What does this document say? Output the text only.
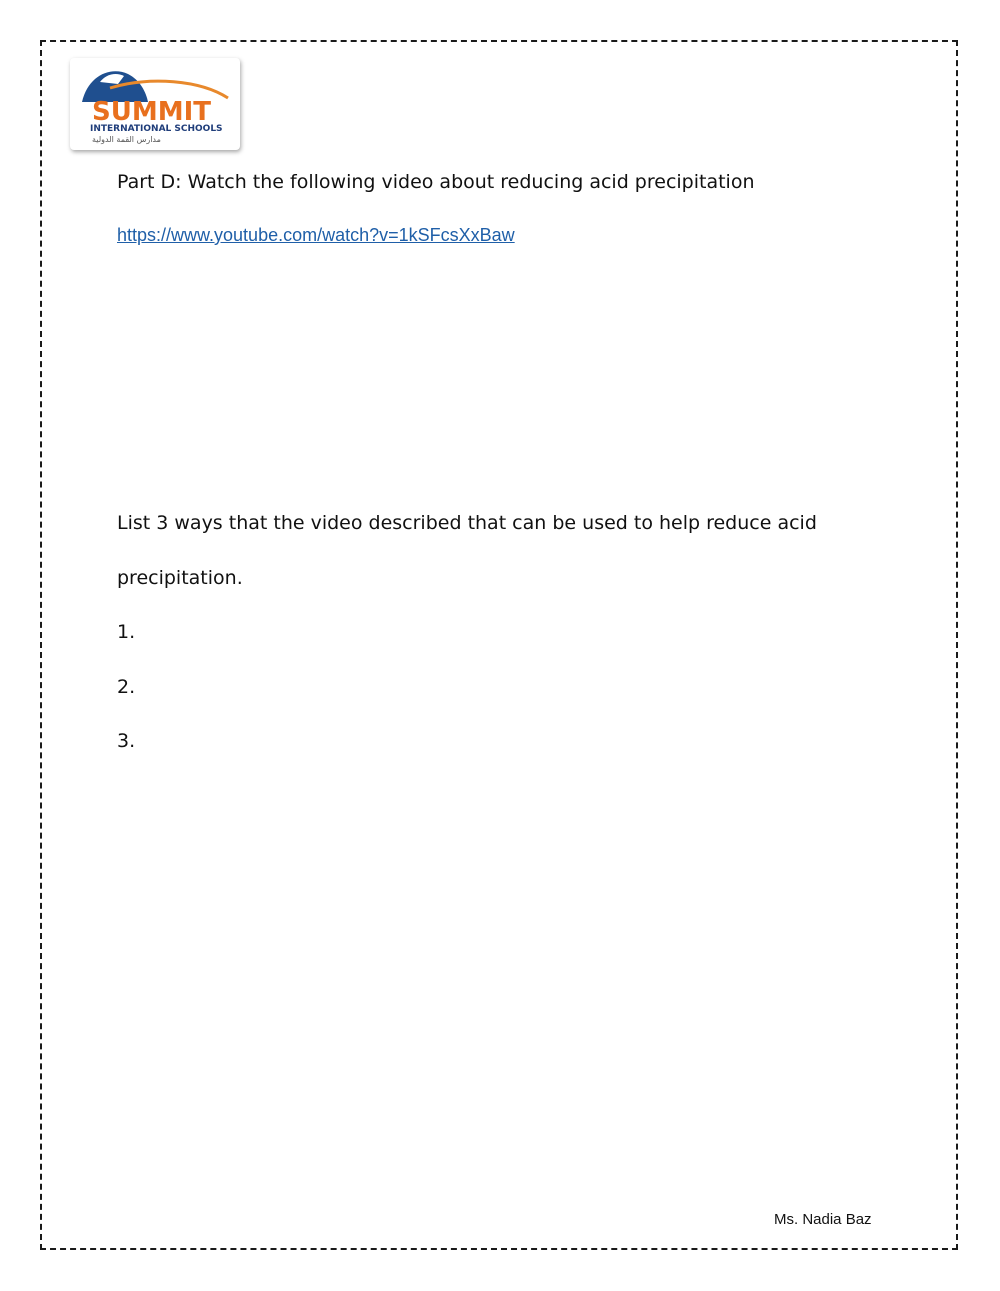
SUMMIT
INTERNATIONAL SCHOOLS
مدارس القمة الدولية
Part D: Watch the following video about reducing acid precipitation
https://www.youtube.com/watch?v=1kSFcsXxBaw
List 3 ways that the video described that can be used to help reduce acid
precipitation.
1.
2.
3.
Ms. Nadia Baz
